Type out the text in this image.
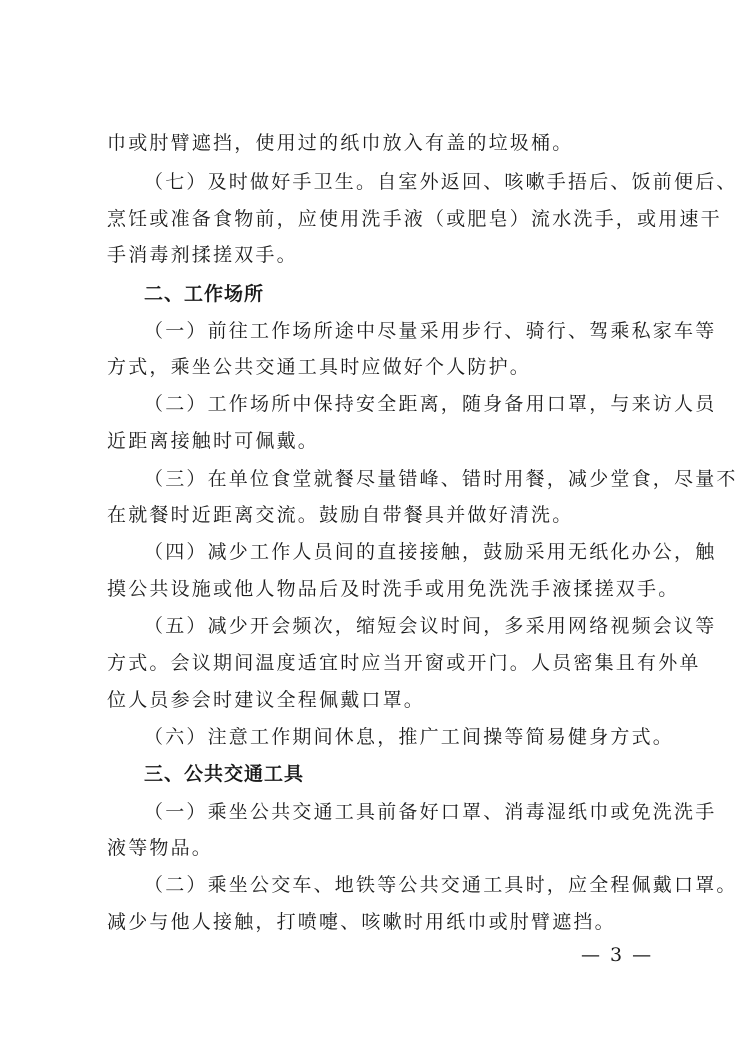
巾或肘臂遮挡，使用过的纸巾放入有盖的垃圾桶。
（七）及时做好手卫生。自室外返回、咳嗽手捂后、饭前便后、
烹饪或准备食物前，应使用洗手液（或肥皂）流水洗手，或用速干
手消毒剂揉搓双手。
二、工作场所
（一）前往工作场所途中尽量采用步行、骑行、驾乘私家车等
方式，乘坐公共交通工具时应做好个人防护。
（二）工作场所中保持安全距离，随身备用口罩，与来访人员
近距离接触时可佩戴。
（三）在单位食堂就餐尽量错峰、错时用餐，减少堂食，尽量不
在就餐时近距离交流。鼓励自带餐具并做好清洗。
（四）减少工作人员间的直接接触，鼓励采用无纸化办公，触
摸公共设施或他人物品后及时洗手或用免洗洗手液揉搓双手。
（五）减少开会频次，缩短会议时间，多采用网络视频会议等
方式。会议期间温度适宜时应当开窗或开门。人员密集且有外单
位人员参会时建议全程佩戴口罩。
（六）注意工作期间休息，推广工间操等简易健身方式。
三、公共交通工具
（一）乘坐公共交通工具前备好口罩、消毒湿纸巾或免洗洗手
液等物品。
（二）乘坐公交车、地铁等公共交通工具时，应全程佩戴口罩。
减少与他人接触，打喷嚏、咳嗽时用纸巾或肘臂遮挡。
— 3 —
